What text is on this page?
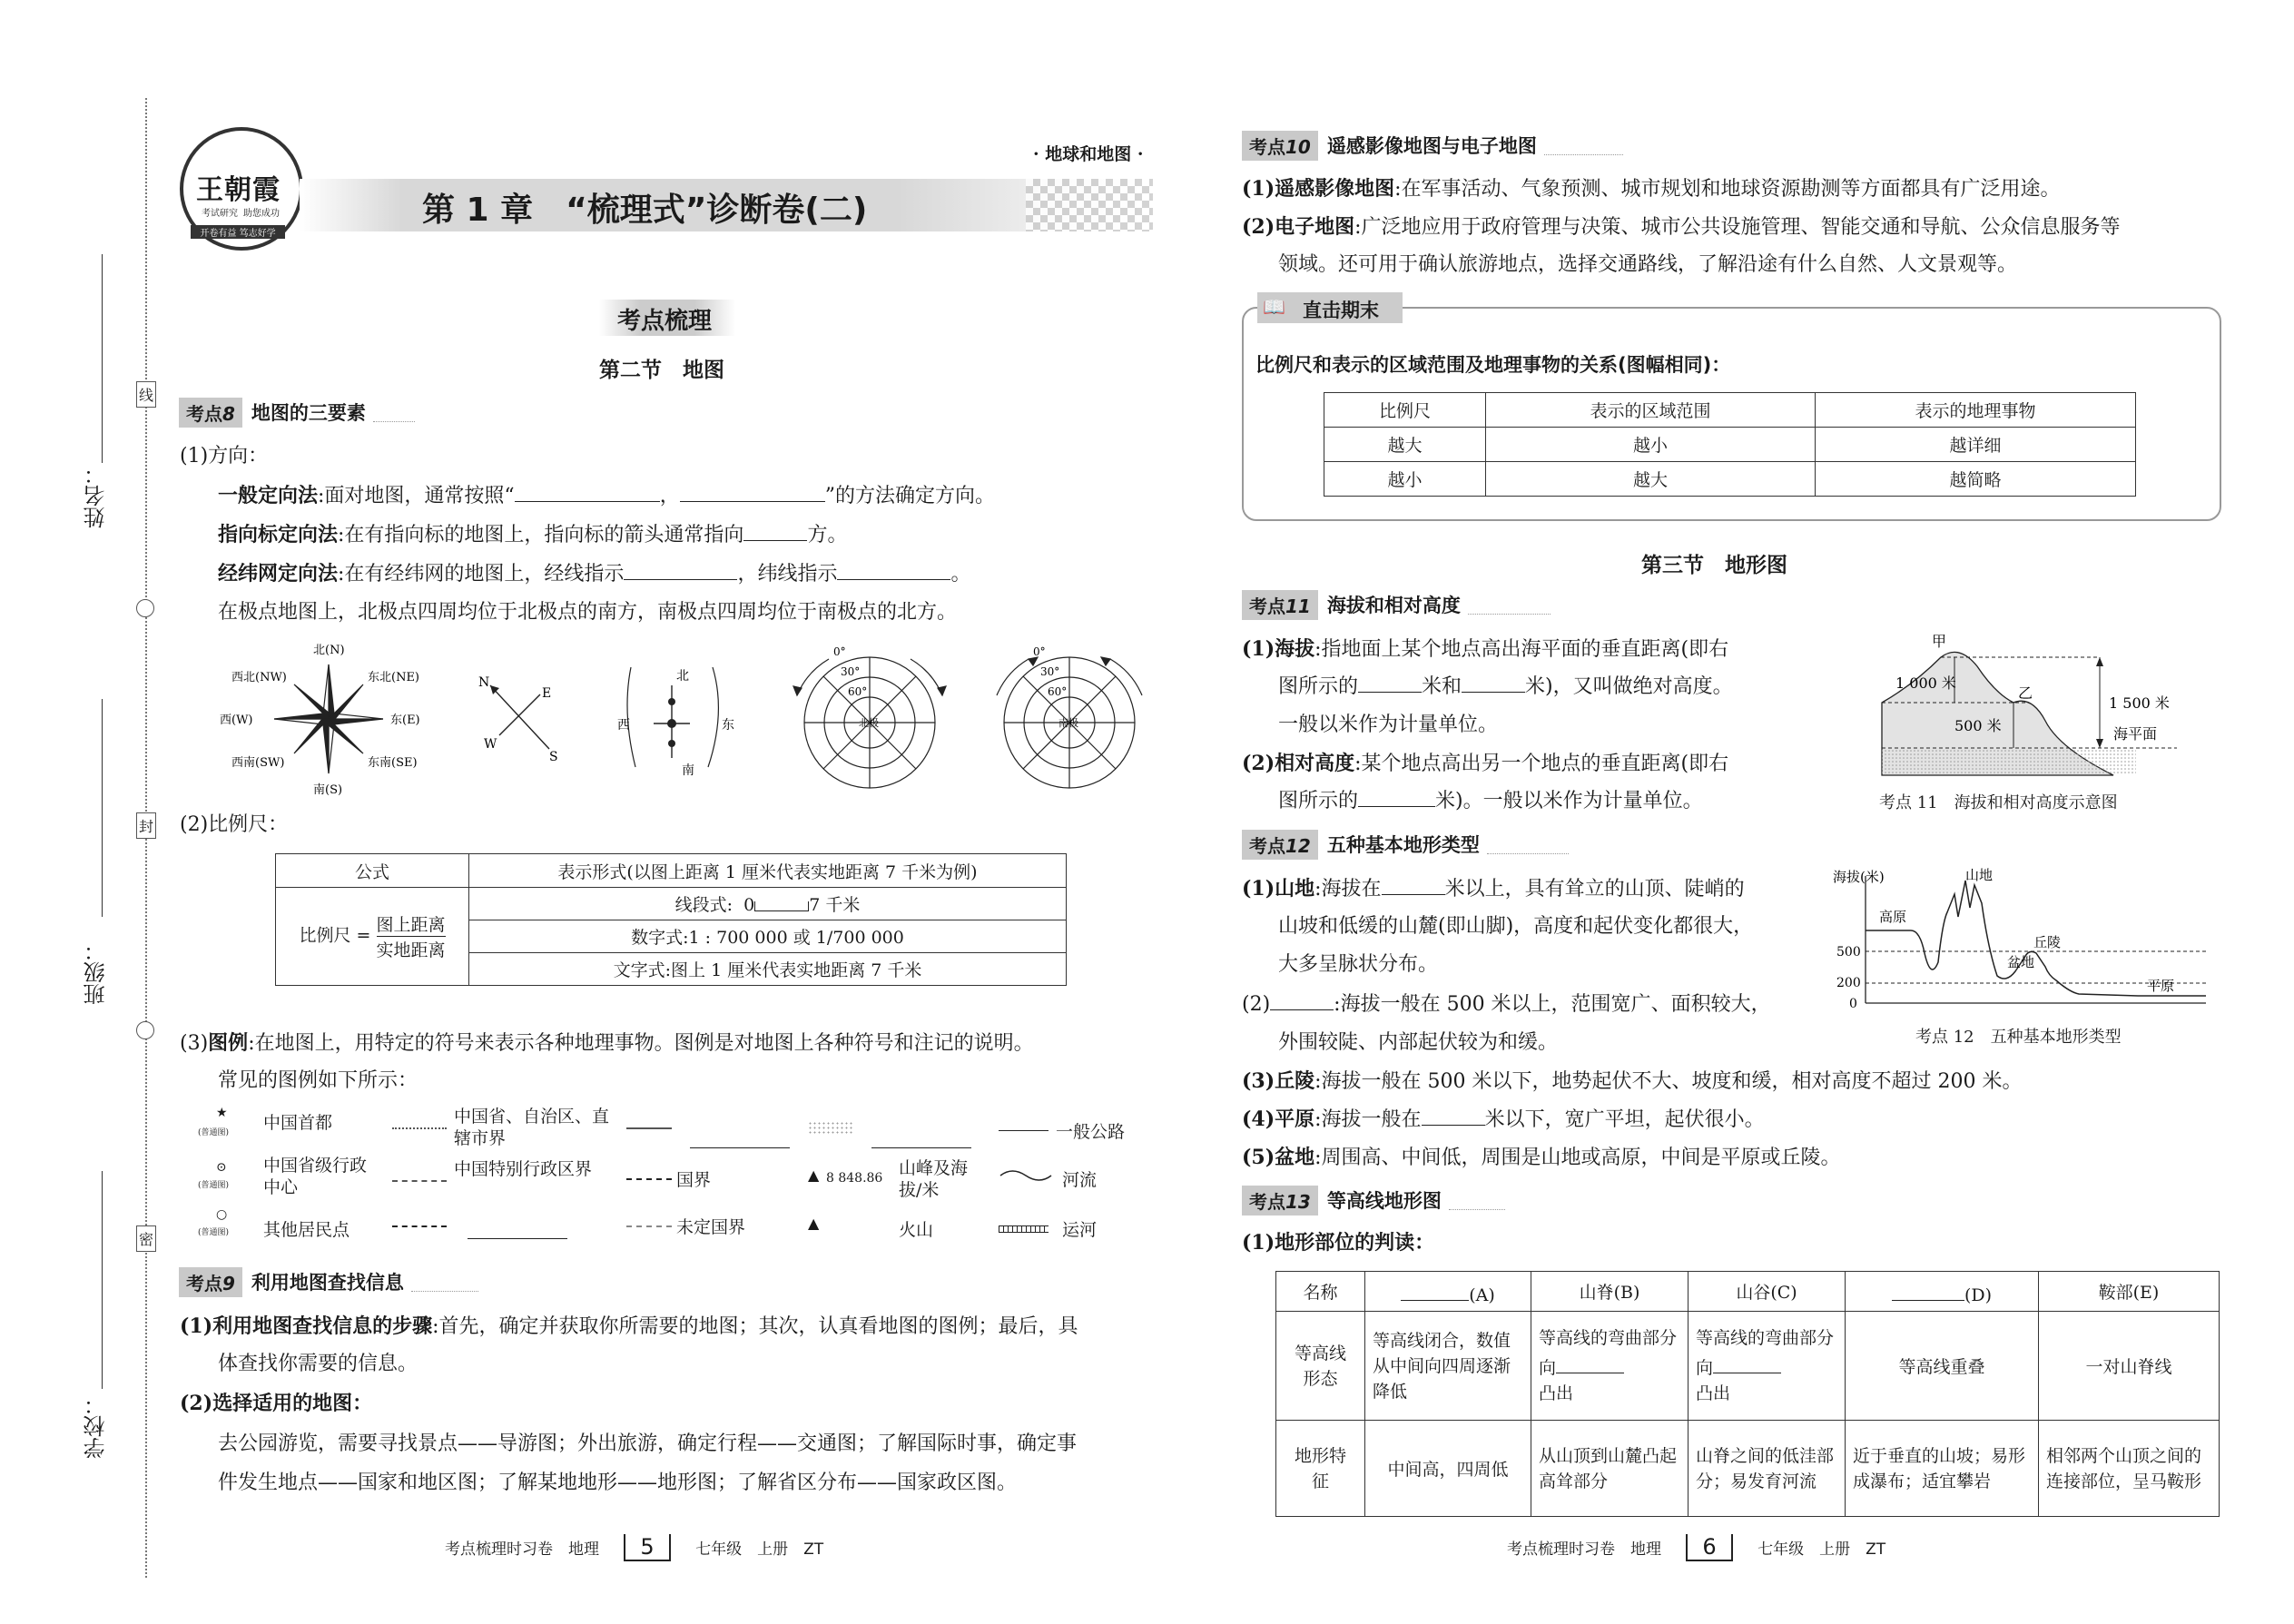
姓名：
班级：
学校：
线
封
密
王朝霞
考试研究 助您成功
开卷有益 笃志好学
· 地球和地图 ·
第 1 章　“梳理式”诊断卷(二)
考点梳理
第二节　地图
考点8 地图的三要素
(1)方向：
一般定向法:面对地图，通常按照“	，	”的方法确定方向。
指向标定向法:在有指向标的地图上，指向标的箭头通常指向	方。
经纬网定向法:在有经纬网的地图上，经线指示	，纬线指示	。
在极点地图上，北极点四周均位于北极点的南方，南极点四周均位于南极点的北方。
北(N)
南(S)
西(W)	东(E)
西北(NW)	东北(NE)
西南(SW)	东南(SE)
N
E
W
S
北
西	东
南
0°
30°
60°
北极
0°
30°
60°
南极
(2)比例尺：
公式	表示形式(以图上距离 1 厘米代表实地距离 7 千米为例)
比例尺 =
图上距离
实地距离	线段式: 0 7 千米
	数字式:1 : 700 000 或 1/700 000
	文字式:图上 1 厘米代表实地距离 7 千米
(3)图例:在地图上，用特定的符号来表示各种地理事物。图例是对地图上各种符号和注记的说明。
常见的图例如下所示：
★
(普通图) 中国首都
⊙
(普通图)
中国省级行政中心
○
(普通图) 其他居民点
中国省、自治区、直辖市界
中国特别行政区界
国界
未定国界
▲ 8 848.86 山峰及海拔/米
▲	火山
一般公路
河流
运河
考点9 利用地图查找信息
(1)利用地图查找信息的步骤:首先，确定并获取你所需要的地图；其次，认真看地图的图例；最后，具
体查找你需要的信息。
(2)选择适用的地图：
去公园游览，需要寻找景点——导游图；外出旅游，确定行程——交通图；了解国际时事，确定事
件发生地点——国家和地区图；了解某地地形——地形图；了解省区分布——国家政区图。
考点梳理时习卷　地理 5	七年级　上册　ZT
考点10 遥感影像地图与电子地图
(1)遥感影像地图:在军事活动、气象预测、城市规划和地球资源勘测等方面都具有广泛用途。
(2)电子地图:广泛地应用于政府管理与决策、城市公共设施管理、智能交通和导航、公众信息服务等
领域。还可用于确认旅游地点，选择交通路线，了解沿途有什么自然、人文景观等。
📖 直击期末
比例尺和表示的区域范围及地理事物的关系(图幅相同)：
比例尺	表示的区域范围	表示的地理事物
越大	越小	越详细
越小	越大	越简略
第三节　地形图
考点11 海拔和相对高度
(1)海拔:指地面上某个地点高出海平面的垂直距离(即右
图所示的	米和	米)，又叫做绝对高度。
一般以米作为计量单位。
(2)相对高度:某个地点高出另一个地点的垂直距离(即右
图所示的	米)。一般以米作为计量单位。
甲
乙
1 000 米
500 米
1 500 米
海平面
考点 11　海拔和相对高度示意图
考点12 五种基本地形类型
(1)山地:海拔在	米以上，具有耸立的山顶、陡峭的
山坡和低缓的山麓(即山脚)，高度和起伏变化都很大，
大多呈脉状分布。
(2)	:海拔一般在 500 米以上，范围宽广、面积较大，
外围较陡、内部起伏较为和缓。
(3)丘陵:海拔一般在 500 米以下，地势起伏不大、坡度和缓，相对高度不超过 200 米。
(4)平原:海拔一般在	米以下，宽广平坦，起伏很小。
(5)盆地:周围高、中间低，周围是山地或高原，中间是平原或丘陵。
海拔(米)
500
200
0
高原
山地
盆地
丘陵
平原
考点 12　五种基本地形类型
考点13 等高线地形图
(1)地形部位的判读：
名称	(A)	山脊(B)	山谷(C)	(D)	鞍部(E)
等高线形态	等高线闭合，数值从中间向四周逐渐降低	等高线的弯曲部分向
凸出	等高线的弯曲部分向
凸出	等高线重叠	一对山脊线
地形特征	中间高，四周低	从山顶到山麓凸起高耸部分	山脊之间的低洼部分；易发育河流	近于垂直的山坡；易形成瀑布；适宜攀岩	相邻两个山顶之间的连接部位，呈马鞍形
考点梳理时习卷　地理 6	七年级　上册　ZT
